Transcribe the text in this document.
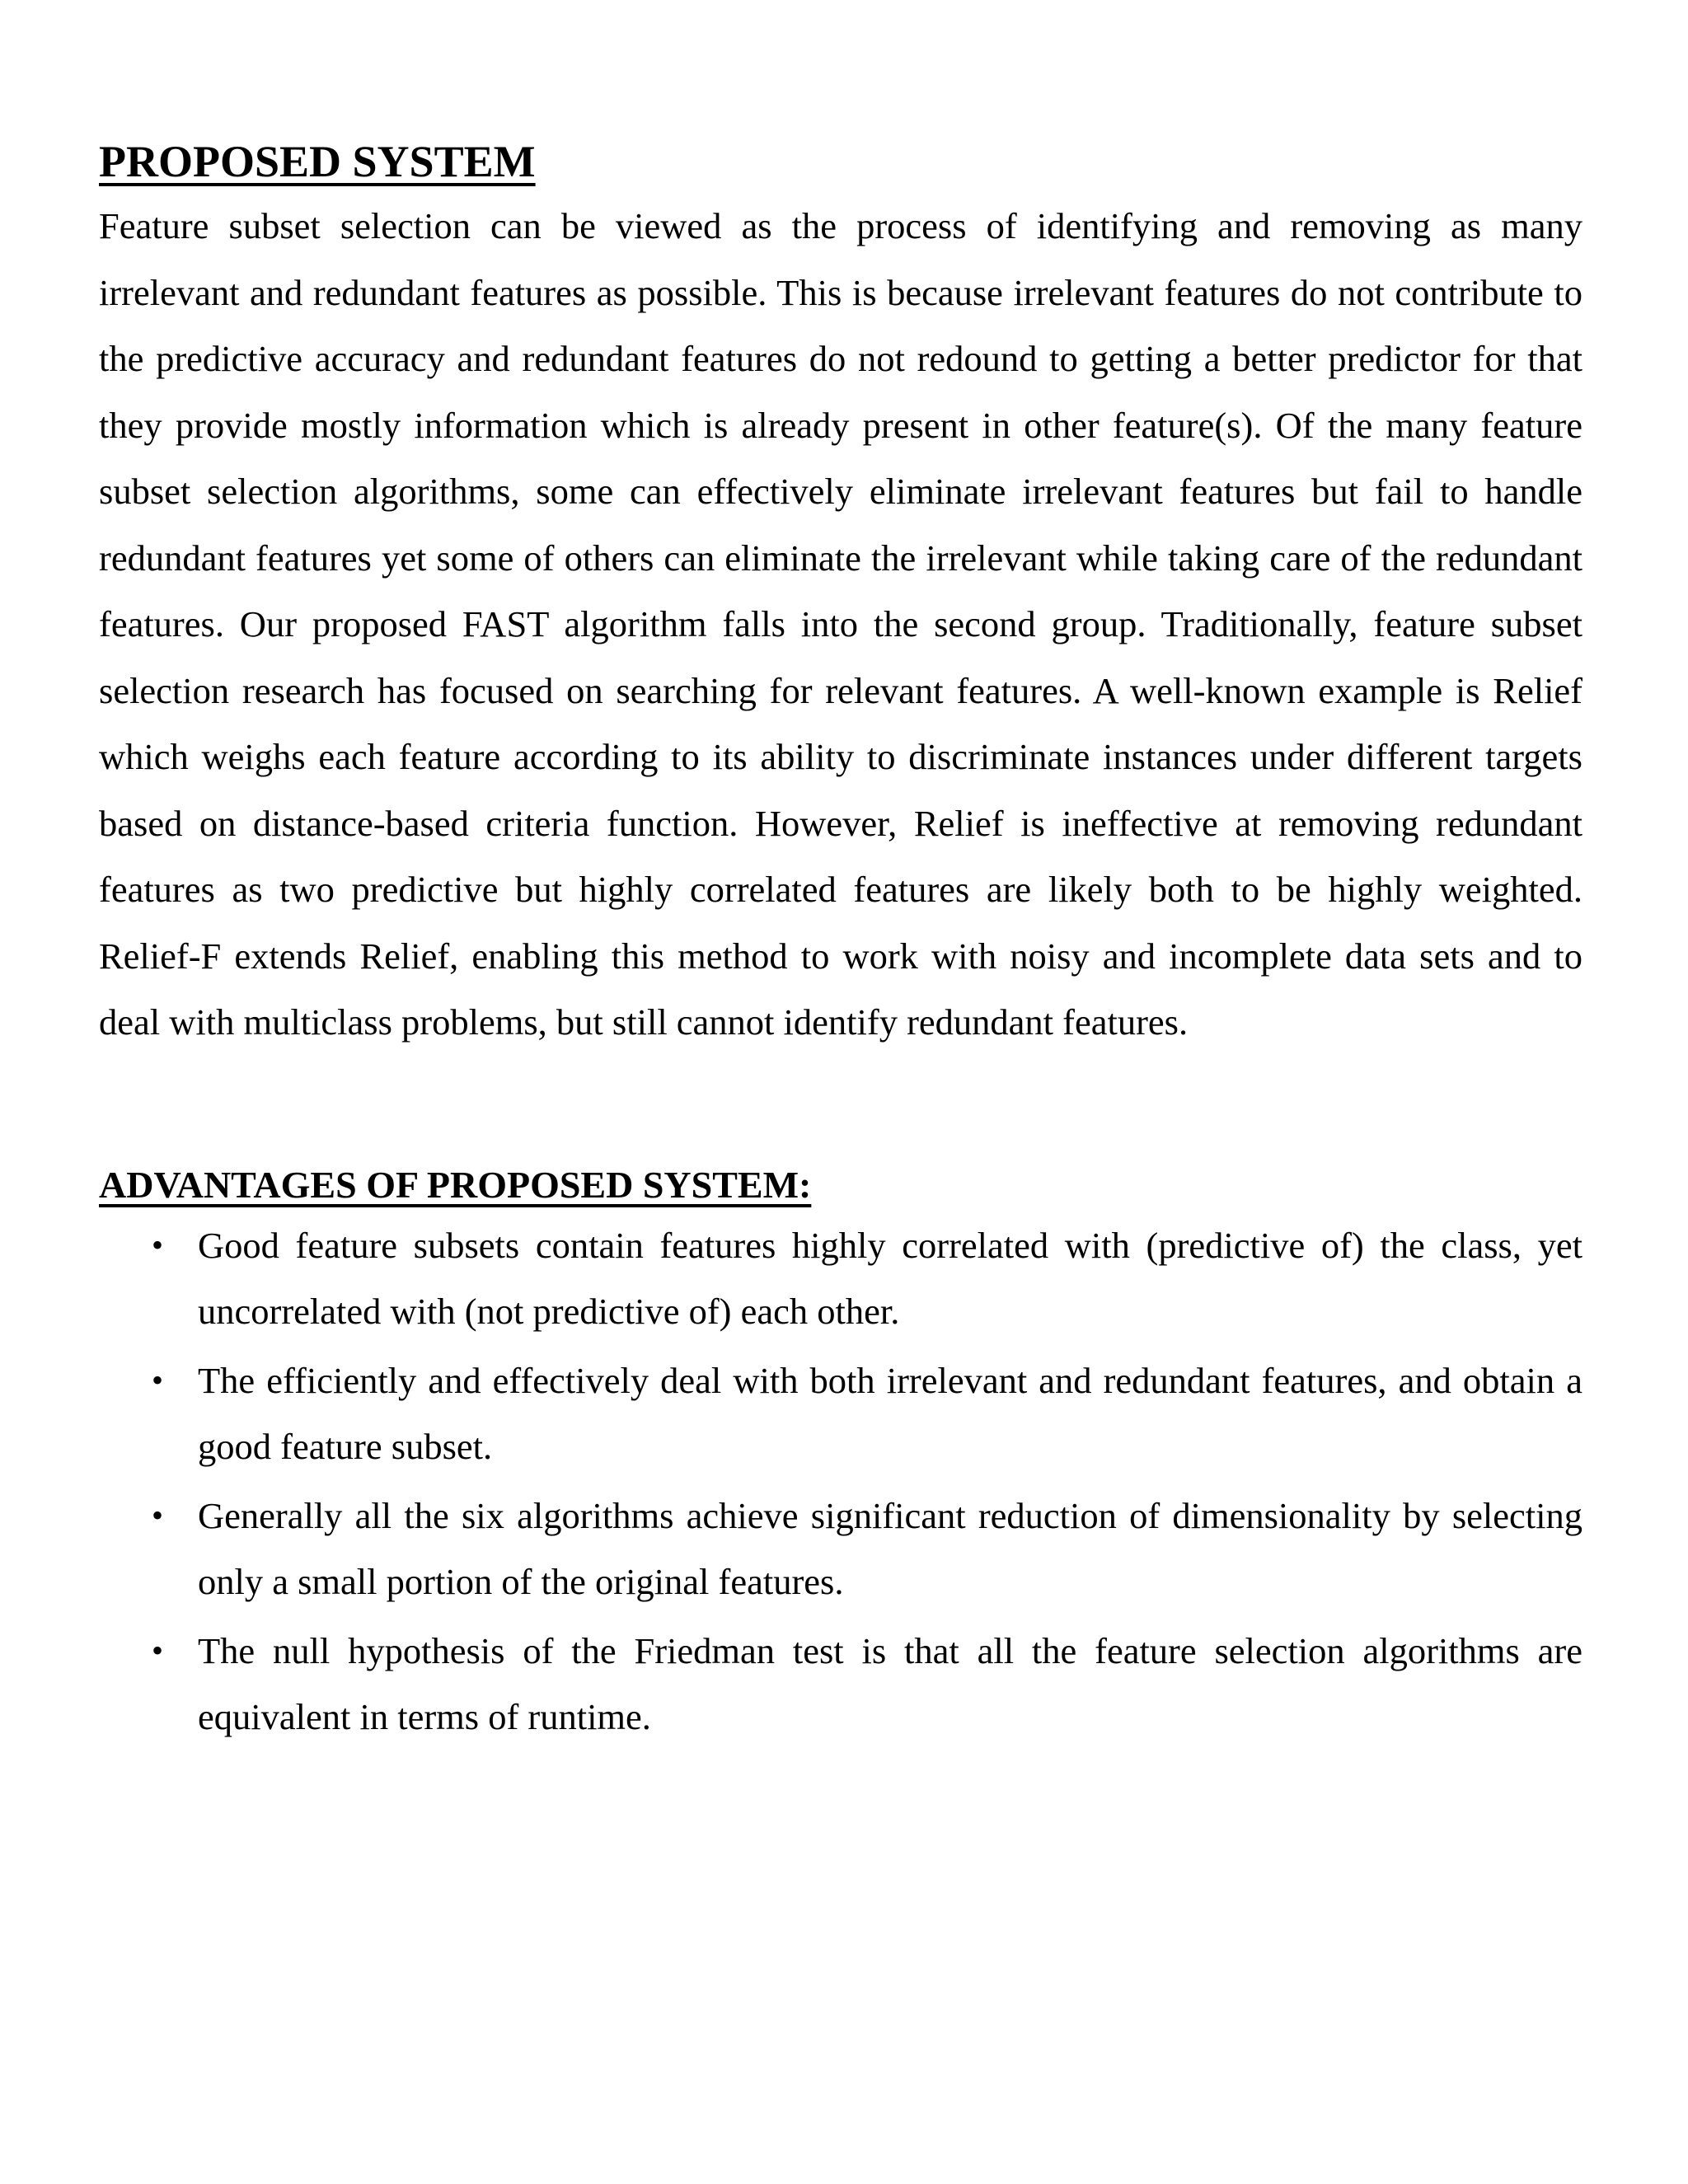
PROPOSED SYSTEM

Feature subset selection can be viewed as the process of identifying and removing as many irrelevant and redundant features as possible. This is because irrelevant features do not contribute to the predictive accuracy and redundant features do not redound to getting a better predictor for that they provide mostly information which is already present in other feature(s). Of the many feature subset selection algorithms, some can effectively eliminate irrelevant features but fail to handle redundant features yet some of others can eliminate the irrelevant while taking care of the redundant features. Our proposed FAST algorithm falls into the second group. Traditionally, feature subset selection research has focused on searching for relevant features. A well-known example is Relief which weighs each feature according to its ability to discriminate instances under different targets based on distance-based criteria function. However, Relief is ineffective at removing redundant features as two predictive but highly correlated features are likely both to be highly weighted. Relief-F extends Relief, enabling this method to work with noisy and incomplete data sets and to deal with multiclass problems, but still cannot identify redundant features.

ADVANTAGES OF PROPOSED SYSTEM:
• Good feature subsets contain features highly correlated with (predictive of) the class, yet uncorrelated with (not predictive of) each other.
• The efficiently and effectively deal with both irrelevant and redundant features, and obtain a good feature subset.
• Generally all the six algorithms achieve significant reduction of dimensionality by selecting only a small portion of the original features.
• The null hypothesis of the Friedman test is that all the feature selection algorithms are equivalent in terms of runtime.
